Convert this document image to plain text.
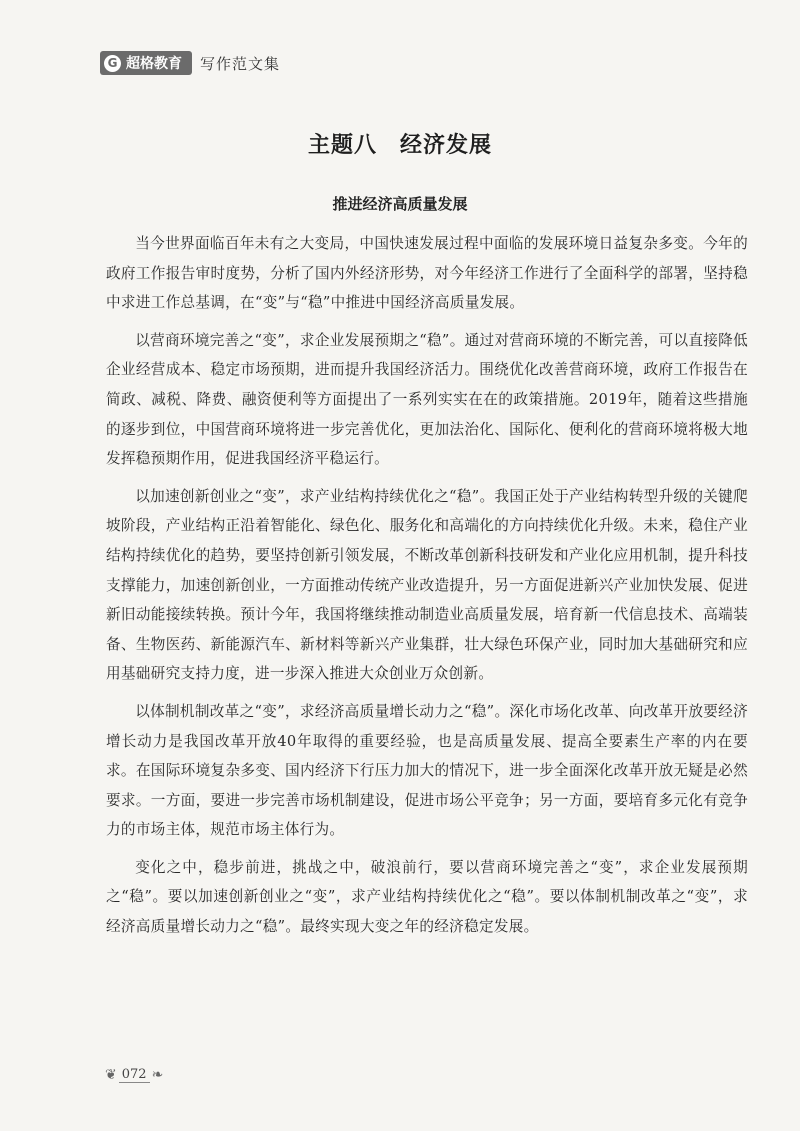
G 超格教育 写作范文集
主题八　经济发展
推进经济高质量发展

当今世界面临百年未有之大变局，中国快速发展过程中面临的发展环境日益复杂多变。今年的政府工作报告审时度势，分析了国内外经济形势，对今年经济工作进行了全面科学的部署，坚持稳中求进工作总基调，在“变”与“稳”中推进中国经济高质量发展。

以营商环境完善之“变”，求企业发展预期之“稳”。通过对营商环境的不断完善，可以直接降低企业经营成本、稳定市场预期，进而提升我国经济活力。围绕优化改善营商环境，政府工作报告在简政、减税、降费、融资便利等方面提出了一系列实实在在的政策措施。2019年，随着这些措施的逐步到位，中国营商环境将进一步完善优化，更加法治化、国际化、便利化的营商环境将极大地发挥稳预期作用，促进我国经济平稳运行。

以加速创新创业之“变”，求产业结构持续优化之“稳”。我国正处于产业结构转型升级的关键爬坡阶段，产业结构正沿着智能化、绿色化、服务化和高端化的方向持续优化升级。未来，稳住产业结构持续优化的趋势，要坚持创新引领发展，不断改革创新科技研发和产业化应用机制，提升科技支撑能力，加速创新创业，一方面推动传统产业改造提升，另一方面促进新兴产业加快发展、促进新旧动能接续转换。预计今年，我国将继续推动制造业高质量发展，培育新一代信息技术、高端装备、生物医药、新能源汽车、新材料等新兴产业集群，壮大绿色环保产业，同时加大基础研究和应用基础研究支持力度，进一步深入推进大众创业万众创新。

以体制机制改革之“变”，求经济高质量增长动力之“稳”。深化市场化改革、向改革开放要经济增长动力是我国改革开放40年取得的重要经验，也是高质量发展、提高全要素生产率的内在要求。在国际环境复杂多变、国内经济下行压力加大的情况下，进一步全面深化改革开放无疑是必然要求。一方面，要进一步完善市场机制建设，促进市场公平竞争；另一方面，要培育多元化有竞争力的市场主体，规范市场主体行为。

变化之中，稳步前进，挑战之中，破浪前行，要以营商环境完善之“变”，求企业发展预期之“稳”。要以加速创新创业之“变”，求产业结构持续优化之“稳”。要以体制机制改革之“变”，求经济高质量增长动力之“稳”。最终实现大变之年的经济稳定发展。

❦ 072 ❧
